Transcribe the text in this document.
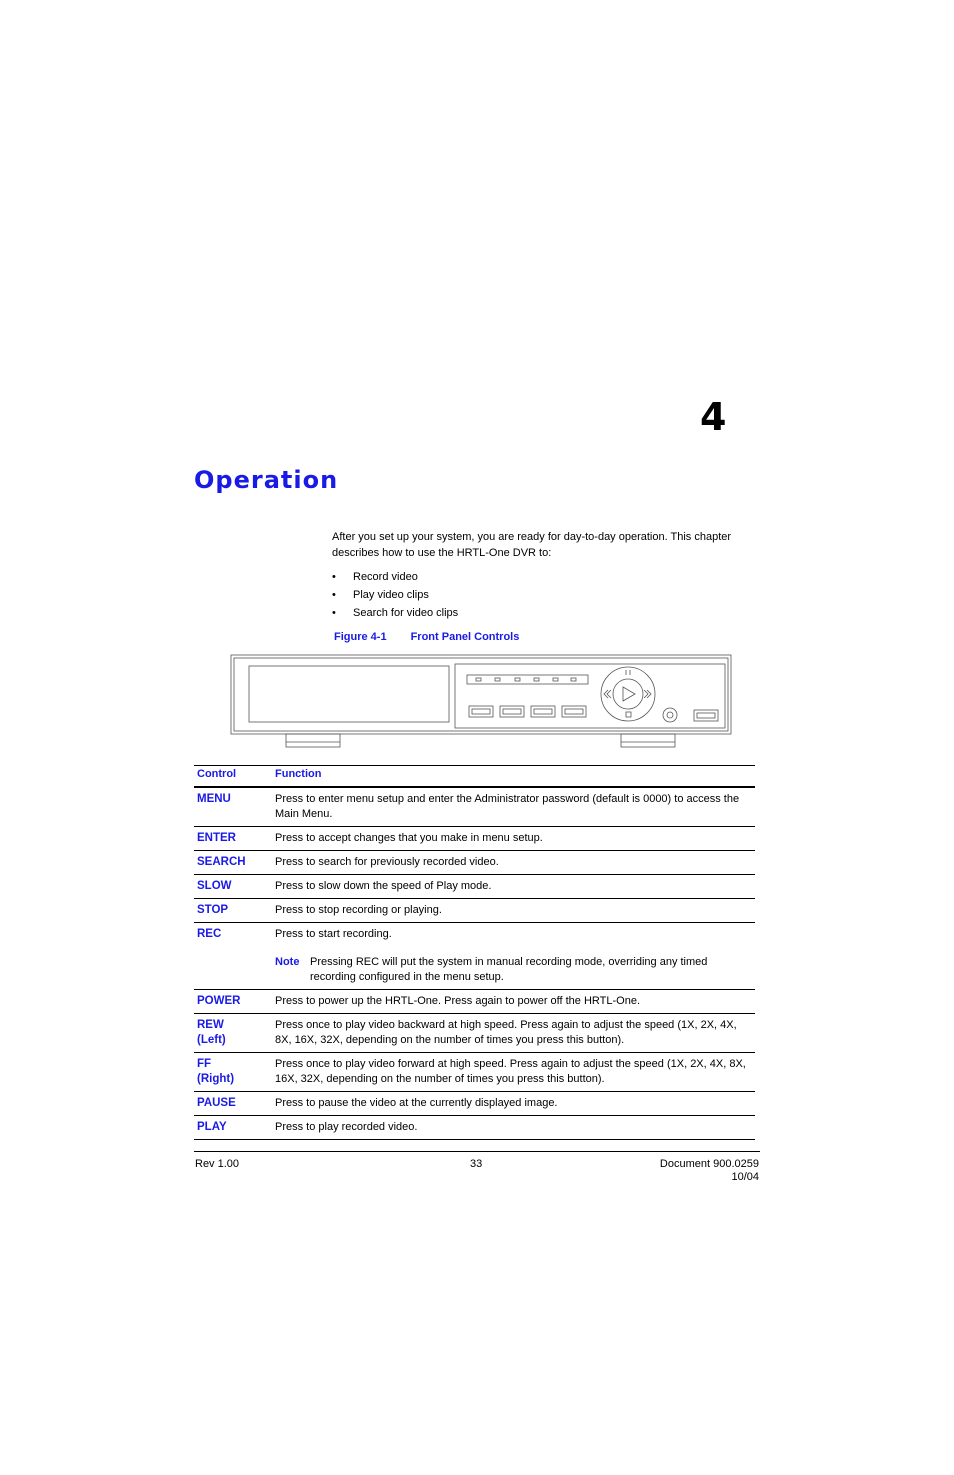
4
Operation
After you set up your system, you are ready for day-to-day operation. This chapter describes how to use the HRTL-One DVR to:
• Record video
• Play video clips
• Search for video clips
Figure 4-1 Front Panel Controls
Control	Function
MENU	Press to enter menu setup and enter the Administrator password (default is 0000) to access the Main Menu.
ENTER	Press to accept changes that you make in menu setup.
SEARCH	Press to search for previously recorded video.
SLOW	Press to slow down the speed of Play mode.
STOP	Press to stop recording or playing.
REC	Press to start recording.
Note Pressing REC will put the system in manual recording mode, overriding any timed recording configured in the menu setup.

POWER	Press to power up the HRTL-One. Press again to power off the HRTL-One.

REW
(Left)	Press once to play video backward at high speed. Press again to adjust the speed (1X, 2X, 4X, 8X, 16X, 32X, depending on the number of times you press this button).

FF
(Right)	Press once to play video forward at high speed. Press again to adjust the speed (1X, 2X, 4X, 8X, 16X, 32X, depending on the number of times you press this button).
PAUSE	Press to pause the video at the currently displayed image.
PLAY	Press to play recorded video.
Rev 1.00	33	Document 900.0259
10/04
